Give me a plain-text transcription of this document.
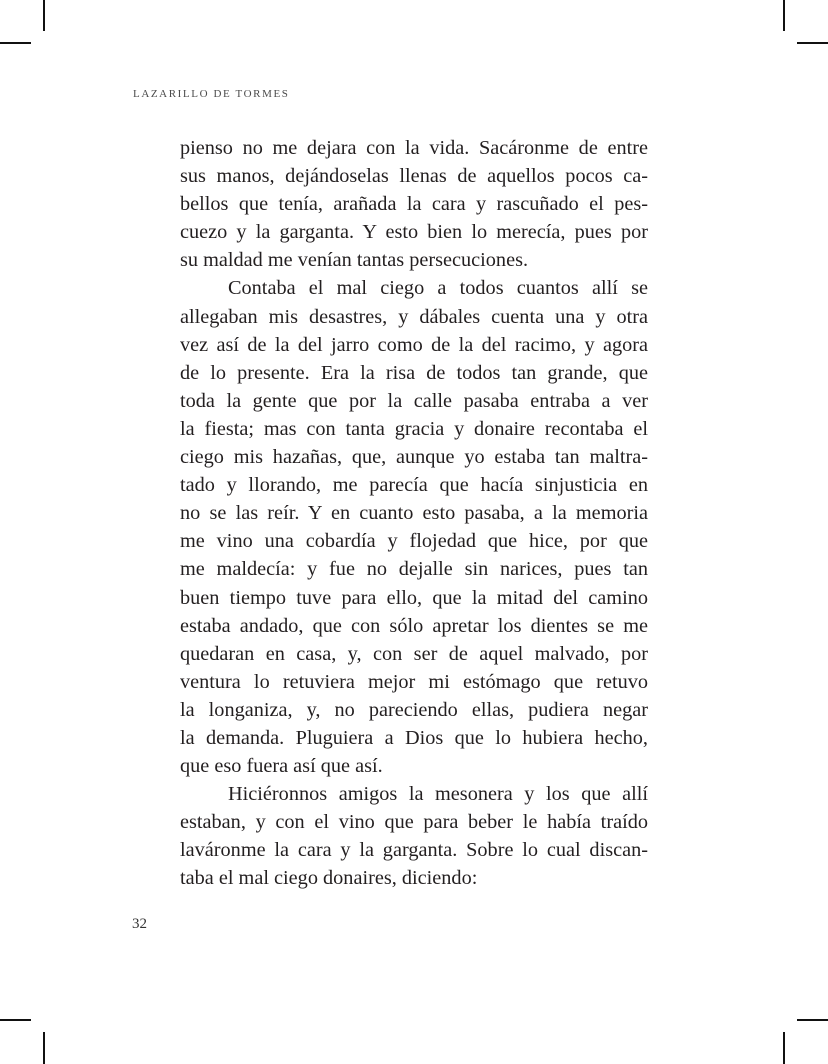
LAZARILLO DE TORMES
pienso no me dejara con la vida. Sacáronme de entre
sus manos, dejándoselas llenas de aquellos pocos ca-
bellos que tenía, arañada la cara y rascuñado el pes-
cuezo y la garganta. Y esto bien lo merecía, pues por
su maldad me venían tantas persecuciones.
Contaba el mal ciego a todos cuantos allí se
allegaban mis desastres, y dábales cuenta una y otra
vez así de la del jarro como de la del racimo, y agora
de lo presente. Era la risa de todos tan grande, que
toda la gente que por la calle pasaba entraba a ver
la fiesta; mas con tanta gracia y donaire recontaba el
ciego mis hazañas, que, aunque yo estaba tan maltra-
tado y llorando, me parecía que hacía sinjusticia en
no se las reír. Y en cuanto esto pasaba, a la memoria
me vino una cobardía y flojedad que hice, por que
me maldecía: y fue no dejalle sin narices, pues tan
buen tiempo tuve para ello, que la mitad del camino
estaba andado, que con sólo apretar los dientes se me
quedaran en casa, y, con ser de aquel malvado, por
ventura lo retuviera mejor mi estómago que retuvo
la longaniza, y, no pareciendo ellas, pudiera negar
la demanda. Pluguiera a Dios que lo hubiera hecho,
que eso fuera así que así.
Hiciéronnos amigos la mesonera y los que allí
estaban, y con el vino que para beber le había traído
laváronme la cara y la garganta. Sobre lo cual discan-
taba el mal ciego donaires, diciendo:
32
